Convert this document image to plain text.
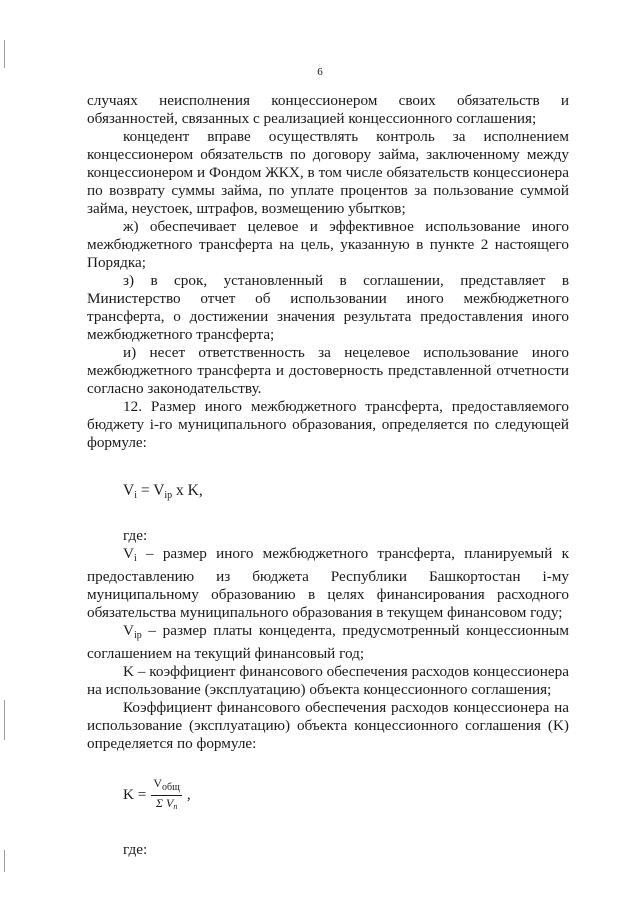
6

случаях неисполнения концессионером своих обязательств и обязанностей, связанных с реализацией концессионного соглашения;

концедент вправе осуществлять контроль за исполнением концессионером обязательств по договору займа, заключенному между концессионером и Фондом ЖКХ, в том числе обязательств концессионера по возврату суммы займа, по уплате процентов за пользование суммой займа, неустоек, штрафов, возмещению убытков;

ж) обеспечивает целевое и эффективное использование иного межбюджетного трансферта на цель, указанную в пункте 2 настоящего Порядка;

з) в срок, установленный в соглашении, представляет в Министерство отчет об использовании иного межбюджетного трансферта, о достижении значения результата предоставления иного межбюджетного трансферта;

и) несет ответственность за нецелевое использование иного межбюджетного трансферта и достоверность представленной отчетности согласно законодательству.

12. Размер иного межбюджетного трансферта, предоставляемого бюджету i-го муниципального образования, определяется по следующей формуле:

$V_i = V_{ip}$ x K,

где:

$V_i$ – размер иного межбюджетного трансферта, планируемый к предоставлению из бюджета Республики Башкортостан i-му муниципальному образованию в целях финансирования расходного обязательства муниципального образования в текущем финансовом году;

$V_{ip}$ – размер платы концедента, предусмотренный концессионным соглашением на текущий финансовый год;

K – коэффициент финансового обеспечения расходов концессионера на использование (эксплуатацию) объекта концессионного соглашения;

Коэффициент финансового обеспечения расходов концессионера на использование (эксплуатацию) объекта концессионного соглашения (K) определяется по формуле:

$K = \frac{V_{общ}}{\Sigma V_n}$ ,

где:
